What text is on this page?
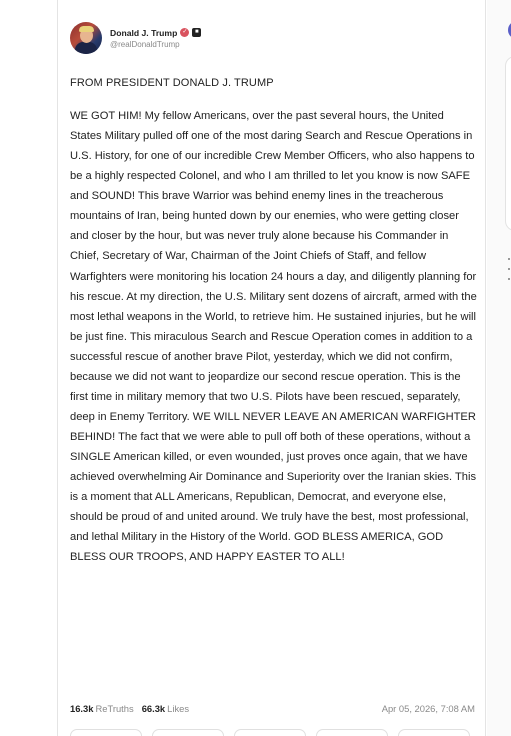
Donald J. Trump ✓	■
@realDonaldTrump
FROM PRESIDENT DONALD J. TRUMP
WE GOT HIM! My fellow Americans, over the past several hours, the United States Military pulled off one of the most daring Search and Rescue Operations in U.S. History, for one of our incredible Crew Member Officers, who also happens to be a highly respected Colonel, and who I am thrilled to let you know is now SAFE and SOUND! This brave Warrior was behind enemy lines in the treacherous mountains of Iran, being hunted down by our enemies, who were getting closer and closer by the hour, but was never truly alone because his Commander in Chief, Secretary of War, Chairman of the Joint Chiefs of Staff, and fellow Warfighters were monitoring his location 24 hours a day, and diligently planning for his rescue. At my direction, the U.S. Military sent dozens of aircraft, armed with the most lethal weapons in the World, to retrieve him. He sustained injuries, but he will be just fine. This miraculous Search and Rescue Operation comes in addition to a successful rescue of another brave Pilot, yesterday, which we did not confirm, because we did not want to jeopardize our second rescue operation. This is the first time in military memory that two U.S. Pilots have been rescued, separately, deep in Enemy Territory. WE WILL NEVER LEAVE AN AMERICAN WARFIGHTER BEHIND! The fact that we were able to pull off both of these operations, without a SINGLE American killed, or even wounded, just proves once again, that we have achieved overwhelming Air Dominance and Superiority over the Iranian skies. This is a moment that ALL Americans, Republican, Democrat, and everyone else, should be proud of and united around. We truly have the best, most professional, and lethal Military in the History of the World. GOD BLESS AMERICA, GOD BLESS OUR TROOPS, AND HAPPY EASTER TO ALL!
16.3k ReTruths 66.3k Likes	Apr 05, 2026, 7:08 AM
